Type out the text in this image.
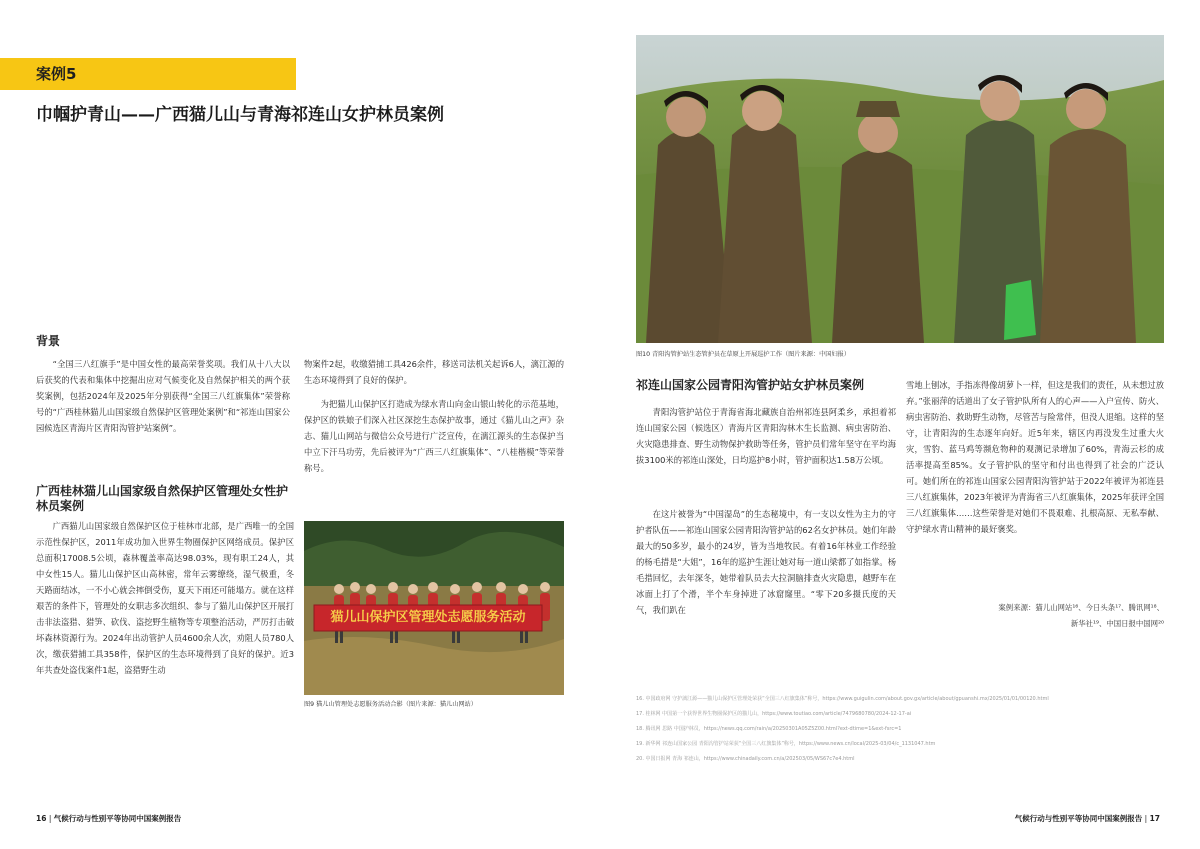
案例5
巾帼护青山——广西猫儿山与青海祁连山女护林员案例
背景

“全国三八红旗手”是中国女性的最高荣誉奖项。我们从十八大以后获奖的代表和集体中挖掘出应对气候变化及自然保护相关的两个获奖案例，包括2024年及2025年分别获得“全国三八红旗集体”荣誉称号的“广西桂林猫儿山国家级自然保护区管理处案例”和“祁连山国家公园候选区青海片区青阳沟管护站案例”。

广西桂林猫儿山国家级自然保护区管理处女性护林员案例

广西猫儿山国家级自然保护区位于桂林市北部，是广西唯一的全国示范性保护区，2011年成功加入世界生物圈保护区网络成员。保护区总面积17008.5公顷，森林覆盖率高达98.03%，现有职工24人，其中女性15人。猫儿山保护区山高林密，常年云雾缭绕，湿气极重，冬天路面结冰，一不小心就会摔倒受伤，夏天下雨还可能塌方。就在这样艰苦的条件下，管理处的女职志多次组织、参与了猫儿山保护区开展打击非法盗猎、猎笋、砍伐、盗挖野生植物等专项整治活动，严厉打击破坏森林资源行为。2024年出动管护人员4600余人次，劝阻人员780人次，缴获猎捕工具358件，保护区的生态环境得到了良好的保护。近3年共查处盗伐案件1起，盗猎野生动

物案件2起，收缴猎捕工具426余件，移送司法机关起诉6人，漓江源的生态环境得到了良好的保护。

为把猫儿山保护区打造成为绿水青山向金山银山转化的示范基地，保护区的铁娘子们深入社区深挖生态保护故事，通过《猫儿山之声》杂志、猫儿山网站与微信公众号进行广泛宣传，在漓江源头的生态保护当中立下汗马功劳，先后被评为“广西三八红旗集体”、“八桂楷模”等荣誉称号。

猫儿山保护区管理处志愿服务活动
图9 猫儿山管理处志愿服务活动合影（图片来源：猫儿山网站）
图10 青阳沟管护站生态管护员在草原上开展巡护工作（图片来源：中国妇报）
祁连山国家公园青阳沟管护站女护林员案例

青阳沟管护站位于青海省海北藏族自治州祁连县阿柔乡，承担着祁连山国家公园（候选区）青海片区青阳沟林木生长监测、病虫害防治、火灾隐患排查、野生动物保护救助等任务，管护员们常年坚守在平均海拔3100米的祁连山深处，日均巡护8小时，管护面积达1.58万公顷。

在这片被誉为“中国湿岛”的生态秘境中，有一支以女性为主力的守护者队伍——祁连山国家公园青阳沟管护站的62名女护林员。她们年龄最大的50多岁，最小的24岁，皆为当地牧民。有着16年林业工作经验的杨毛措是“大姐”，16年的巡护生涯让她对每一道山梁都了如指掌。杨毛措回忆，去年深冬，她带着队员去大拉洞脑排查火灾隐患，越野车在冰面上打了个滑，半个车身掉进了冰窟窿里。“零下20多摄氏度的天气，我们趴在

雪地上刨冰，手指冻得像胡萝卜一样，但这是我们的责任，从未想过放弃。”张丽萍的话道出了女子管护队所有人的心声——入户宣传、防火、病虫害防治、救助野生动物，尽管苦与险常伴，但没人退缩。这样的坚守，让青阳沟的生态逐年向好。近5年来，辖区内再没发生过重大火灾，雪豹、蓝马鸡等濒危物种的观测记录增加了60%，青海云杉的成活率提高至85%。女子管护队的坚守和付出也得到了社会的广泛认可。她们所在的祁连山国家公园青阳沟管护站于2022年被评为祁连县三八红旗集体，2023年被评为青海省三八红旗集体，2025年获评全国三八红旗集体……这些荣誉是对她们不畏艰难、扎根高原、无私奉献、守护绿水青山精神的最好褒奖。

案例来源：猫儿山网站¹⁶、今日头条¹⁷、腾讯网¹⁸、
新华社¹⁹、中国日报中国网²⁰
16. 中国政府网 守护漓江源——猫儿山保护区管理处荣获“全国三八红旗集体”称号，https://www.guigulin.com/about.gov.gx/article/about/gpuanshi.mx/2025/01/01/00120.html
17. 桂林网 中国第一个获得世界生物圈保护区的猫儿山，https://www.toutiao.com/article/7479680780/2024-12-17-ai
18. 腾讯网 思路 中国护林员，https://news.qq.com/rain/a/20250301A05Z5Z00.html?ext-dtime=1&ext-fsrc=1
19. 新华网 祁连山国家公园 青阳沟管护站荣获“全国三八红旗集体”称号，https://www.news.cn/local/2025-03/04/c_1131047.htm
20. 中国日报网 青海 祁连山，https://www.chinadaily.com.cn/a/202503/05/WS67c7e4.html
16 | 气候行动与性别平等协同中国案例报告	气候行动与性别平等协同中国案例报告 | 17
